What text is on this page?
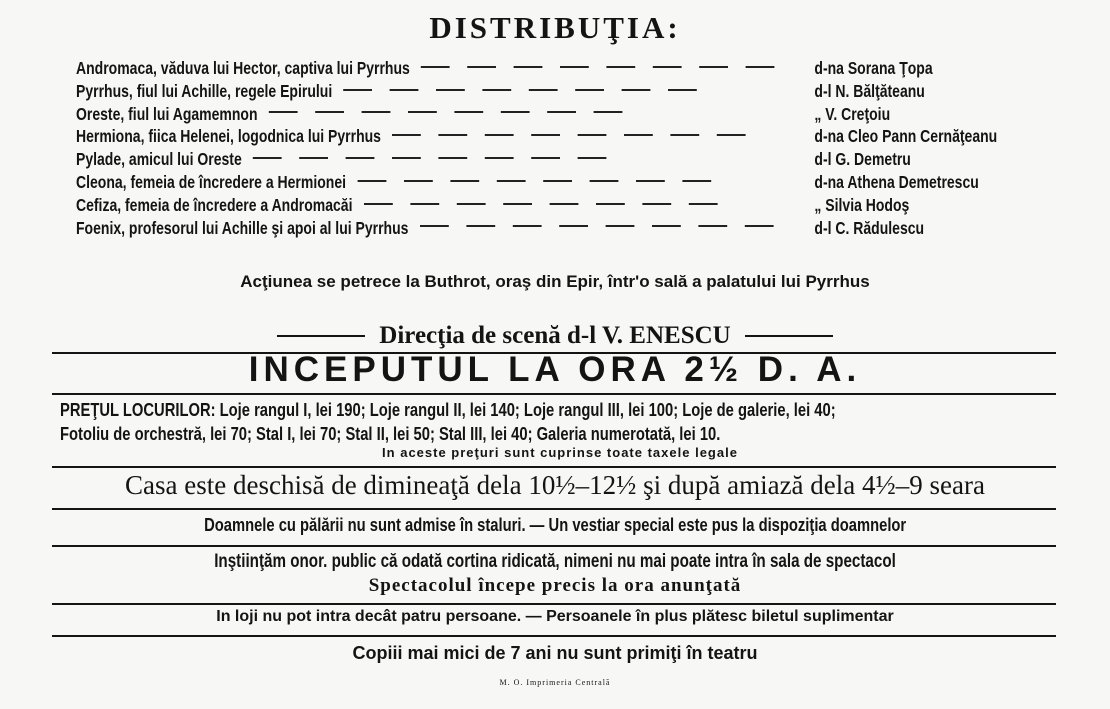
DISTRIBUŢIA:
Andromaca, văduva lui Hector, captiva lui Pyrrhus	d-na Sorana Ţopa
Pyrrhus, fiul lui Achille, regele Epirului	d-l N. Bălţăteanu
Oreste, fiul lui Agamemnon	„ V. Creţoiu
Hermiona, fiica Helenei, logodnica lui Pyrrhus	d-na Cleo Pann Cernăţeanu
Pylade, amicul lui Oreste	d-l G. Demetru
Cleona, femeia de încredere a Hermionei	d-na Athena Demetrescu
Cefiza, femeia de încredere a Andromacăi	„ Silvia Hodoş
Foenix, profesorul lui Achille şi apoi al lui Pyrrhus	d-l C. Rădulescu
Acţiunea se petrece la Buthrot, oraş din Epir, într'o sală a palatului lui Pyrrhus
Direcţia de scenă d-l V. ENESCU
INCEPUTUL LA ORA 2½ D. A.
PREŢUL LOCURILOR: Loje rangul I, lei 190; Loje rangul II, lei 140; Loje rangul III, lei 100; Loje de galerie, lei 40;
Fotoliu de orchestră, lei 70; Stal I, lei 70; Stal II, lei 50; Stal III, lei 40; Galeria numerotată, lei 10.
In aceste preţuri sunt cuprinse toate taxele legale
Casa este deschisă de dimineaţă dela 10½–12½ şi după amiază dela 4½–9 seara
Doamnele cu pălării nu sunt admise în staluri. — Un vestiar special este pus la dispoziţia doamnelor
Inştiinţăm onor. public că odată cortina ridicată, nimeni nu mai poate intra în sala de spectacol
Spectacolul începe precis la ora anunţată
In loji nu pot intra decât patru persoane. — Persoanele în plus plătesc biletul suplimentar
Copiii mai mici de 7 ani nu sunt primiţi în teatru
M. O. Imprimeria Centrală
